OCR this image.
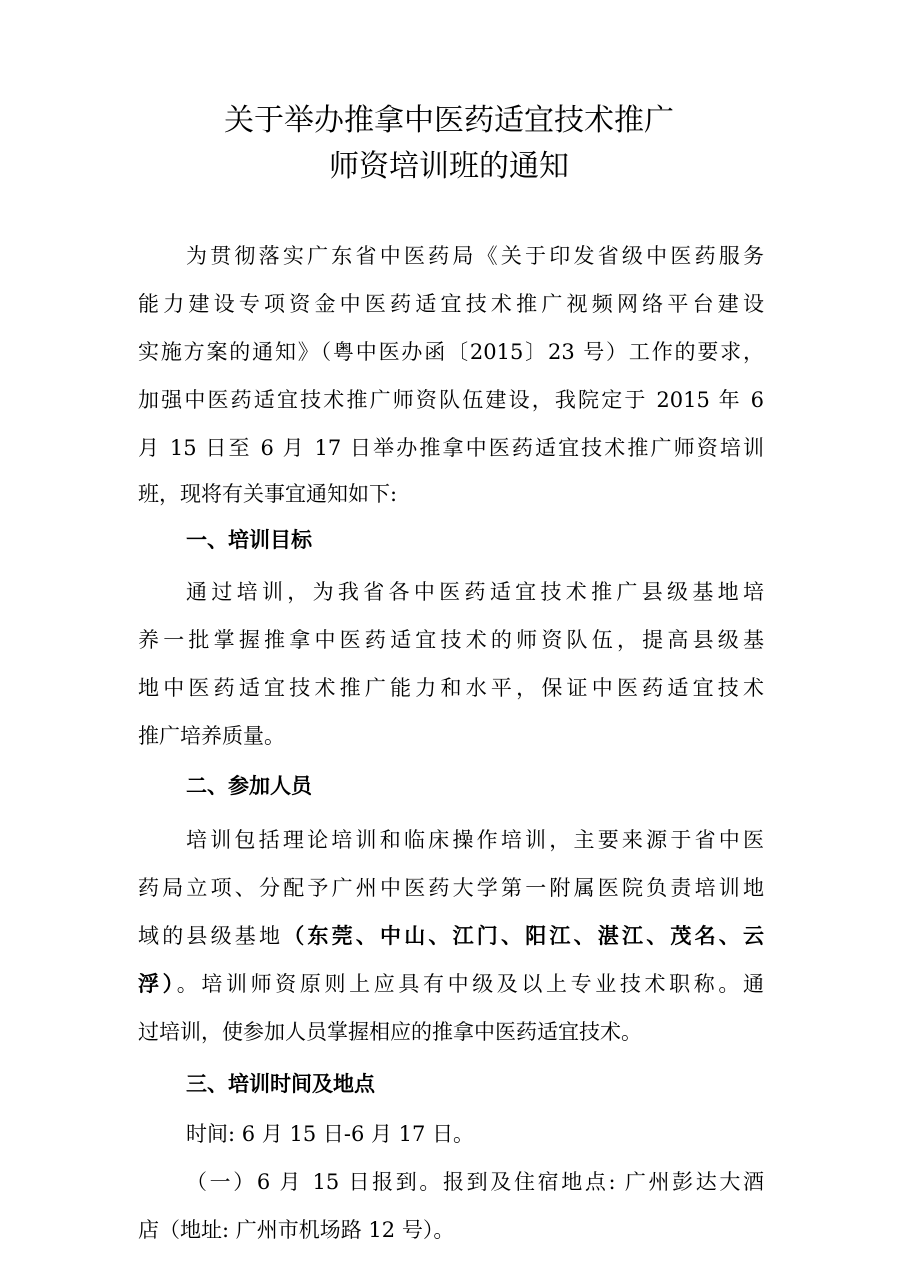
关于举办推拿中医药适宜技术推广
师资培训班的通知
为贯彻落实广东省中医药局《关于印发省级中医药服务
能力建设专项资金中医药适宜技术推广视频网络平台建设
实施方案的通知》（粤中医办函〔2015〕23 号）工作的要求，
加强中医药适宜技术推广师资队伍建设，我院定于 2015 年 6
月 15 日至 6 月 17 日举办推拿中医药适宜技术推广师资培训
班，现将有关事宜通知如下:
一、培训目标
通过培训，为我省各中医药适宜技术推广县级基地培
养一批掌握推拿中医药适宜技术的师资队伍，提高县级基
地中医药适宜技术推广能力和水平，保证中医药适宜技术
推广培养质量。
二、参加人员
培训包括理论培训和临床操作培训，主要来源于省中医
药局立项、分配予广州中医药大学第一附属医院负责培训地
域的县级基地（东莞、中山、江门、阳江、湛江、茂名、云
浮）。培训师资原则上应具有中级及以上专业技术职称。通
过培训，使参加人员掌握相应的推拿中医药适宜技术。
三、培训时间及地点
时间: 6 月 15 日-6 月 17 日。
（一）6 月 15 日报到。报到及住宿地点: 广州彭达大酒
店（地址: 广州市机场路 12 号）。
